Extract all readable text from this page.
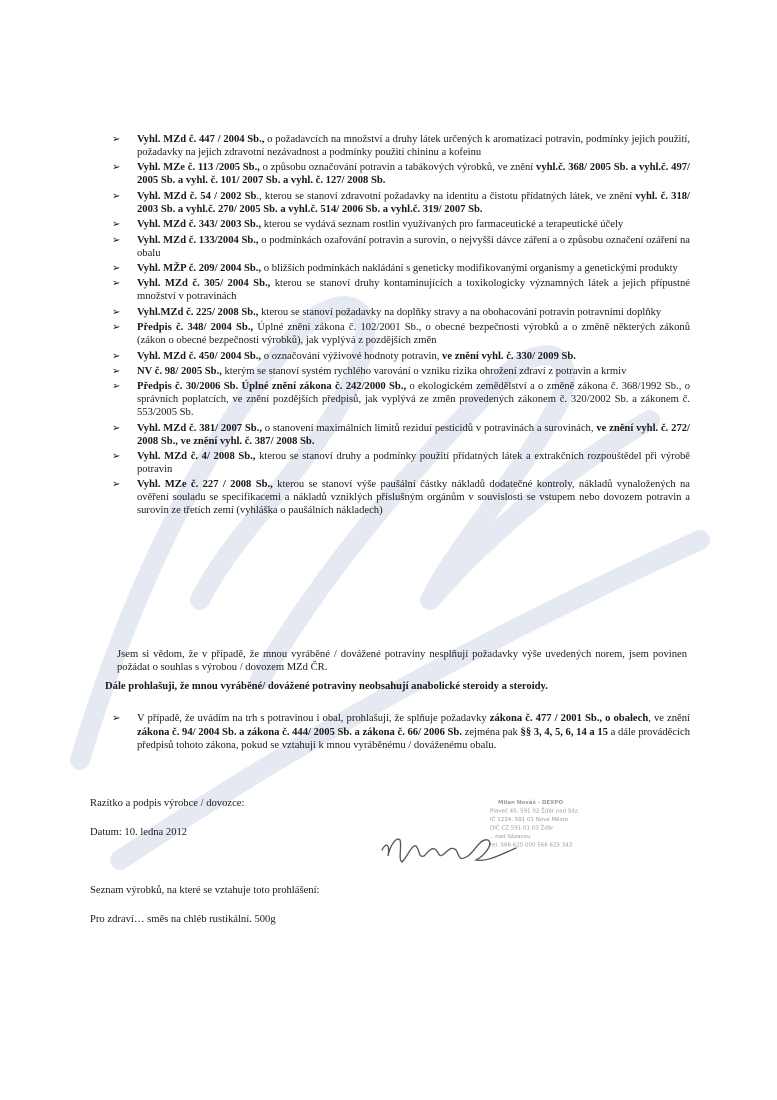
➢ Vyhl. MZd č. 447 / 2004 Sb., o požadavcích na množství a druhy látek určených k aromatizaci potravin, podmínky jejich použití, požadavky na jejich zdravotní nezávadnost a podmínky použití chininu a kofeinu
➢ Vyhl. MZe č. 113 /2005 Sb., o způsobu označování potravin a tabákových výrobků, ve znění vyhl.č. 368/ 2005 Sb. a vyhl.č. 497/ 2005 Sb. a vyhl. č. 101/ 2007 Sb. a vyhl. č. 127/ 2008 Sb.
➢ Vyhl. MZd č. 54 / 2002 Sb., kterou se stanoví zdravotní požadavky na identitu a čistotu přídatných látek, ve znění vyhl. č. 318/ 2003 Sb. a vyhl.č. 270/ 2005 Sb. a vyhl.č. 514/ 2006 Sb. a vyhl.č. 319/ 2007 Sb.
➢ Vyhl. MZd č. 343/ 2003 Sb., kterou se vydává seznam rostlin využívaných pro farmaceutické a terapeutické účely
➢ Vyhl. MZd č. 133/2004 Sb., o podmínkách ozařování potravin a surovin, o nejvyšší dávce záření a o způsobu označení ozáření na obalu
➢ Vyhl. MŽP č. 209/ 2004 Sb., o bližších podmínkách nakládání s geneticky modifikovanými organismy a genetickými produkty
➢ Vyhl. MZd č. 305/ 2004 Sb., kterou se stanoví druhy kontaminujících a toxikologicky významných látek a jejich přípustné množství v potravinách
➢ Vyhl.MZd č. 225/ 2008 Sb., kterou se stanoví požadavky na doplňky stravy a na obohacování potravin potravními doplňky
➢ Předpis č. 348/ 2004 Sb., Úplné znění zákona č. 102/2001 Sb., o obecné bezpečnosti výrobků a o změně některých zákonů (zákon o obecné bezpečnosti výrobků), jak vyplývá z pozdějších změn
➢ Vyhl. MZd č. 450/ 2004 Sb., o označování výživové hodnoty potravin, ve znění vyhl. č. 330/ 2009 Sb.
➢ NV č. 98/ 2005 Sb., kterým se stanoví systém rychlého varování o vzniku rizika ohrožení zdraví z potravin a krmiv
➢ Předpis č. 30/2006 Sb. Úplné znění zákona č. 242/2000 Sb., o ekologickém zemědělství a o změně zákona č. 368/1992 Sb., o správních poplatcích, ve znění pozdějších předpisů, jak vyplývá ze změn provedených zákonem č. 320/2002 Sb. a zákonem č. 553/2005 Sb.
➢ Vyhl. MZd č. 381/ 2007 Sb., o stanovení maximálních limitů reziduí pesticidů v potravinách a surovinách, ve znění vyhl. č. 272/ 2008 Sb., ve znění vyhl. č. 387/ 2008 Sb.
➢ Vyhl. MZd č. 4/ 2008 Sb., kterou se stanoví druhy a podmínky použití přídatných látek a extrakčních rozpouštědel při výrobě potravin
➢ Vyhl. MZe č. 227 / 2008 Sb., kterou se stanoví výše paušální částky nákladů dodatečné kontroly, nákladů vynaložených na ověření souladu se specifikacemi a nákladů vzniklých příslušným orgánům v souvislosti se vstupem nebo dovozem potravin a surovin ze třetích zemí (vyhláška o paušálních nákladech)
Jsem si vědom, že v případě, že mnou vyráběné / dovážené potraviny nesplňují požadavky výše uvedených norem, jsem povinen požádat o souhlas s výrobou / dovozem MZd ČR.
Dále prohlašuji, že mnou vyráběné/ dovážené potraviny neobsahují anabolické steroidy a steroidy.
➢ V případě, že uvádím na trh s potravinou i obal, prohlašuji, že splňuje požadavky zákona č. 477 / 2001 Sb., o obalech, ve znění zákona č. 94/ 2004 Sb. a zákona č. 444/ 2005 Sb. a zákona č. 66/ 2006 Sb. zejména pak §§ 3, 4, 5, 6, 14 a 15 a dále prováděcích předpisů tohoto zákona, pokud se vztahují k mnou vyráběnému / dováženému obalu.
Razítko a podpis výrobce / dovozce:
Datum: 10. ledna 2012
Seznam výrobků, na které se vztahuje toto prohlášení:
Pro zdraví… směs na chléb rustikální. 500g
Milan Nováš - DEXPO
Plaveč 45, 591 02 Žďár nad Sáz.
IČ 1234, 591 01 Nové Město
DIČ CZ 591 01 03 Žďár
...nad Sázavou
tel. 566 625 000 566 625 343
